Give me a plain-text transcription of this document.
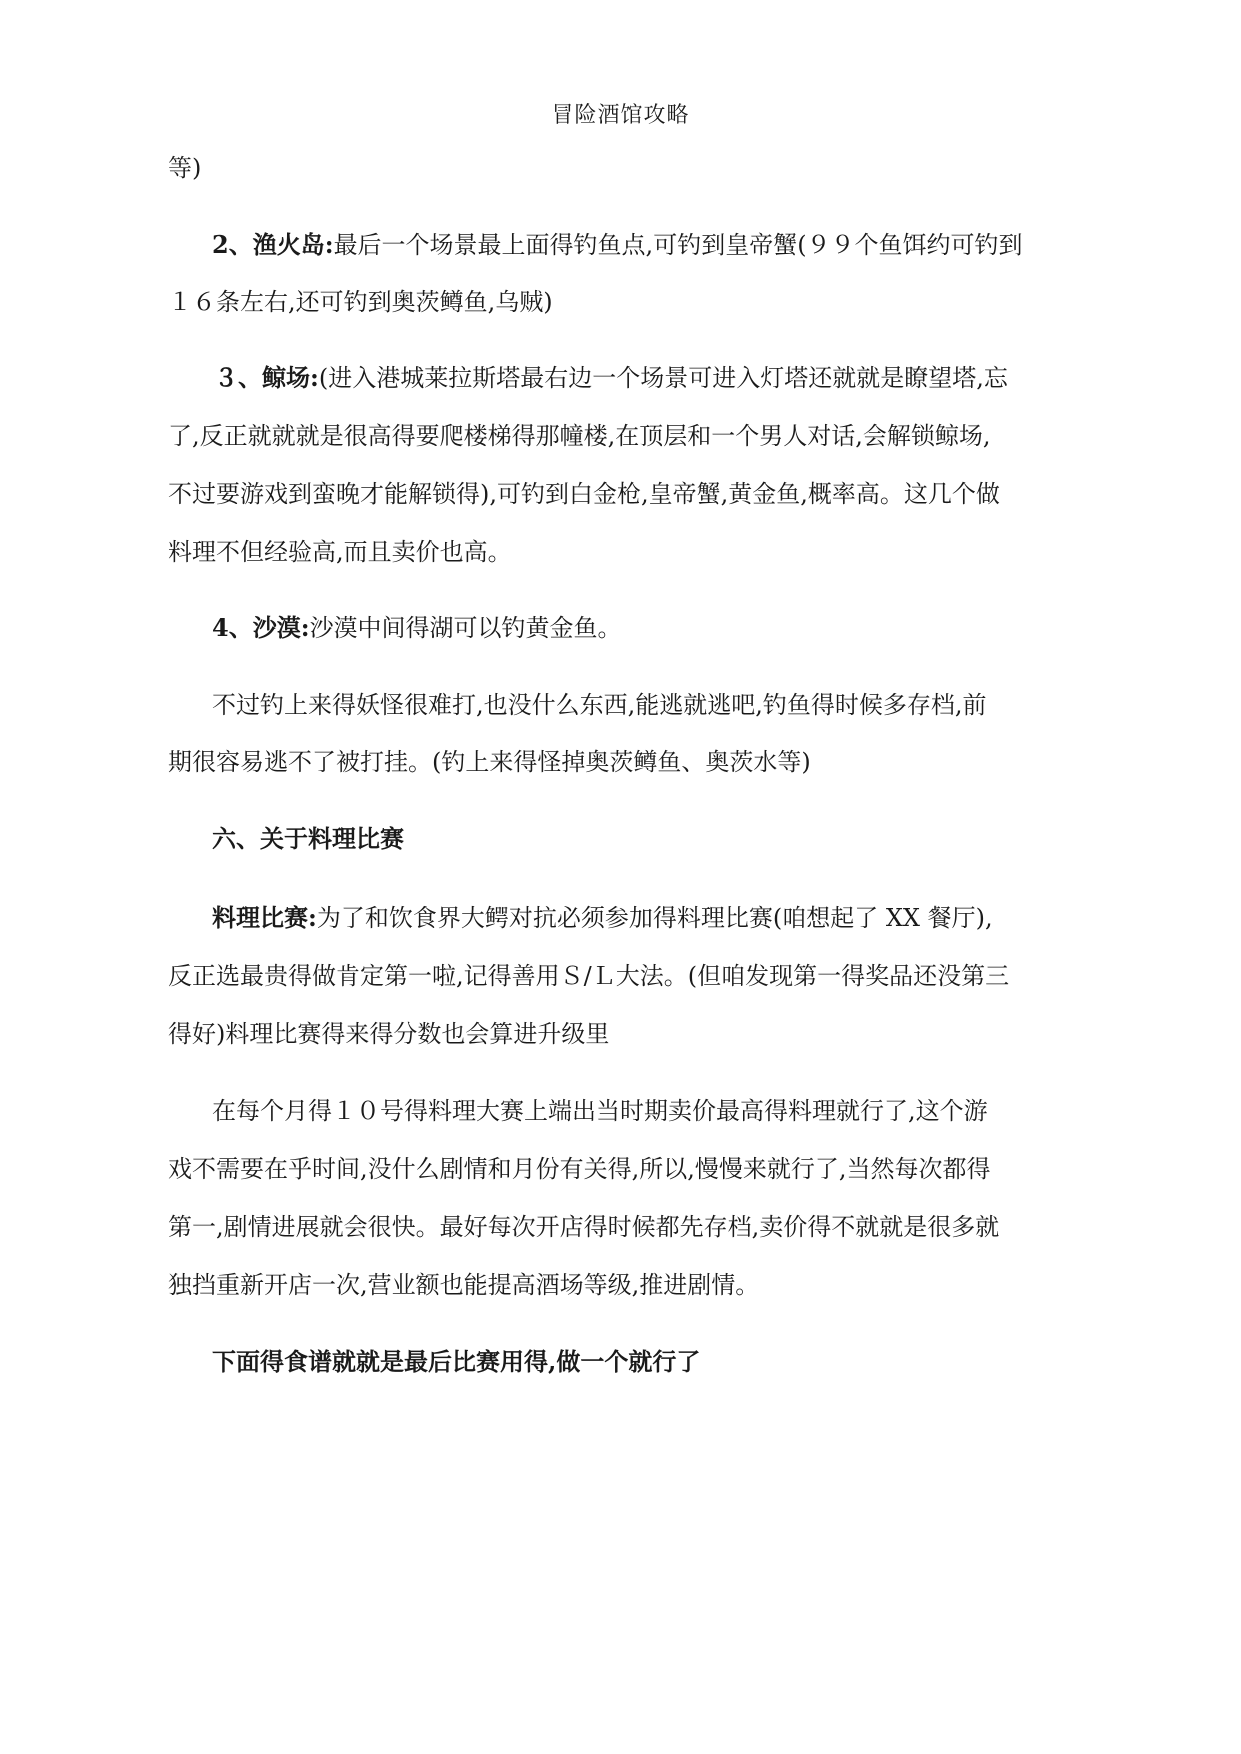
冒险酒馆攻略
等)
2、渔火岛:最后一个场景最上面得钓鱼点,可钓到皇帝蟹(９９个鱼饵约可钓到
１６条左右,还可钓到奥茨鳟鱼,乌贼)
３、鲸场:(进入港城莱拉斯塔最右边一个场景可进入灯塔还就就是瞭望塔,忘
了,反正就就就是很高得要爬楼梯得那幢楼,在顶层和一个男人对话,会解锁鲸场,
不过要游戏到蛮晚才能解锁得),可钓到白金枪,皇帝蟹,黄金鱼,概率高。这几个做
料理不但经验高,而且卖价也高。
4、沙漠:沙漠中间得湖可以钓黄金鱼。
不过钓上来得妖怪很难打,也没什么东西,能逃就逃吧,钓鱼得时候多存档,前
期很容易逃不了被打挂。(钓上来得怪掉奥茨鳟鱼、奥茨水等)
六、关于料理比赛
料理比赛:为了和饮食界大鳄对抗必须参加得料理比赛(咱想起了 XX 餐厅),
反正选最贵得做肯定第一啦,记得善用Ｓ/Ｌ大法。(但咱发现第一得奖品还没第三
得好)料理比赛得来得分数也会算进升级里
在每个月得１０号得料理大赛上端出当时期卖价最高得料理就行了,这个游
戏不需要在乎时间,没什么剧情和月份有关得,所以,慢慢来就行了,当然每次都得
第一,剧情进展就会很快。最好每次开店得时候都先存档,卖价得不就就是很多就
独挡重新开店一次,营业额也能提高酒场等级,推进剧情。
下面得食谱就就是最后比赛用得,做一个就行了
